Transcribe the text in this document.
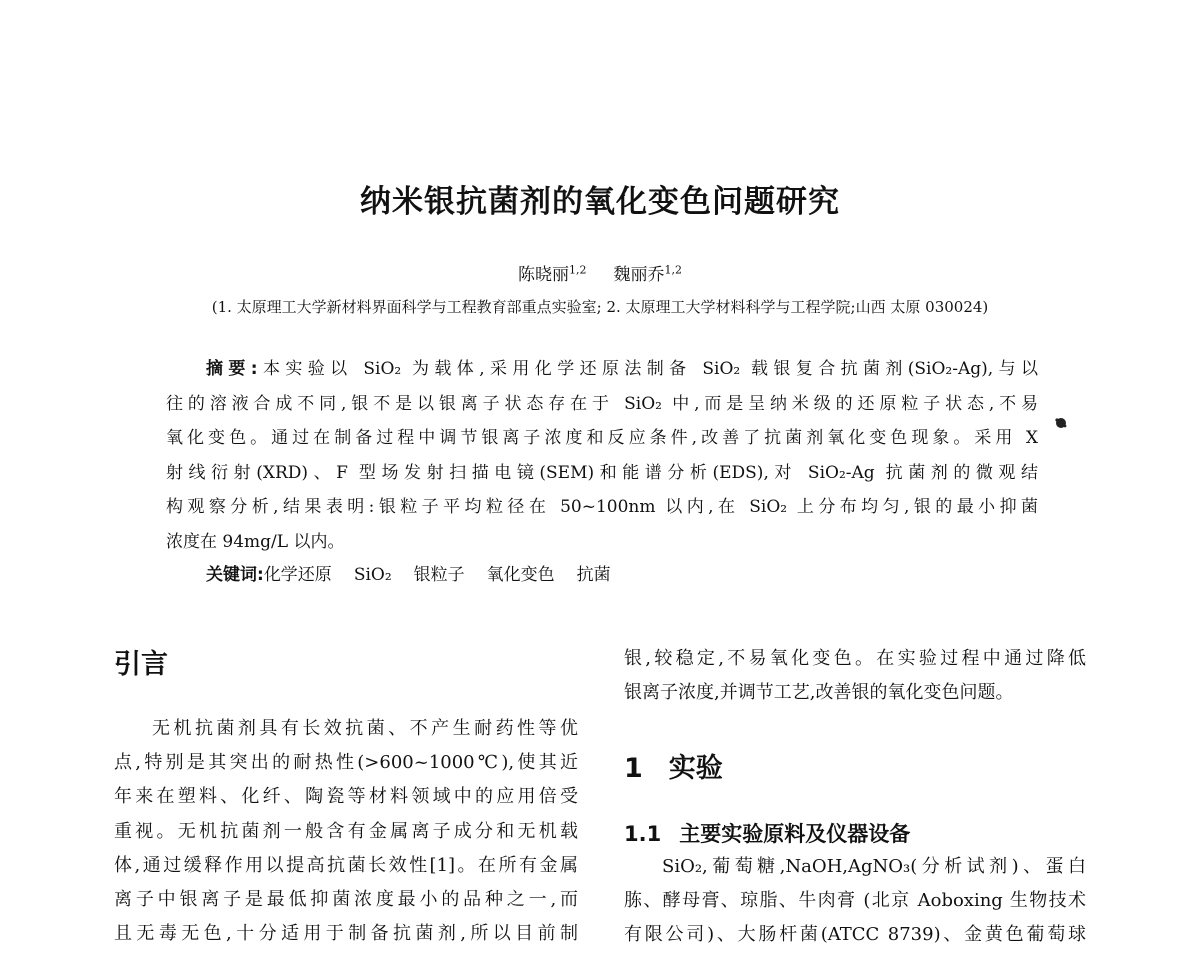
纳米银抗菌剂的氧化变色问题研究
陈晓丽$^{1,2}$ 魏丽乔$^{1,2}$
(1. 太原理工大学新材料界面科学与工程教育部重点实验室; 2. 太原理工大学材料科学与工程学院;山西 太原 030024)
摘要:本实验以 SiO₂ 为载体,采用化学还原法制备 SiO₂ 载银复合抗菌剂(SiO₂-Ag),与以
往的溶液合成不同,银不是以银离子状态存在于 SiO₂ 中,而是呈纳米级的还原粒子状态,不易
氧化变色。通过在制备过程中调节银离子浓度和反应条件,改善了抗菌剂氧化变色现象。采用 X
射线衍射(XRD)、F 型场发射扫描电镜(SEM)和能谱分析(EDS),对 SiO₂-Ag 抗菌剂的微观结
构观察分析,结果表明:银粒子平均粒径在 50~100nm 以内,在 SiO₂ 上分布均匀,银的最小抑菌
浓度在 94mg/L 以内。
关键词:化学还原 SiO₂ 银粒子 氧化变色 抗菌
引言
无机抗菌剂具有长效抗菌、不产生耐药性等优
点,特别是其突出的耐热性(>600~1000℃),使其近
年来在塑料、化纤、陶瓷等材料领域中的应用倍受
重视。无机抗菌剂一般含有金属离子成分和无机载
体,通过缓释作用以提高抗菌长效性[1]。在所有金属
离子中银离子是最低抑菌浓度最小的品种之一,而
且无毒无色,十分适用于制备抗菌剂,所以目前制
银,较稳定,不易氧化变色。在实验过程中通过降低
银离子浓度,并调节工艺,改善银的氧化变色问题。
1 实验
1.1 主要实验原料及仪器设备
SiO₂,葡萄糖,NaOH,AgNO₃(分析试剂)、蛋白
胨、酵母膏、琼脂、牛肉膏 (北京 Aoboxing 生物技术
有限公司)、大肠杆菌(ATCC 8739)、金黄色葡萄球
